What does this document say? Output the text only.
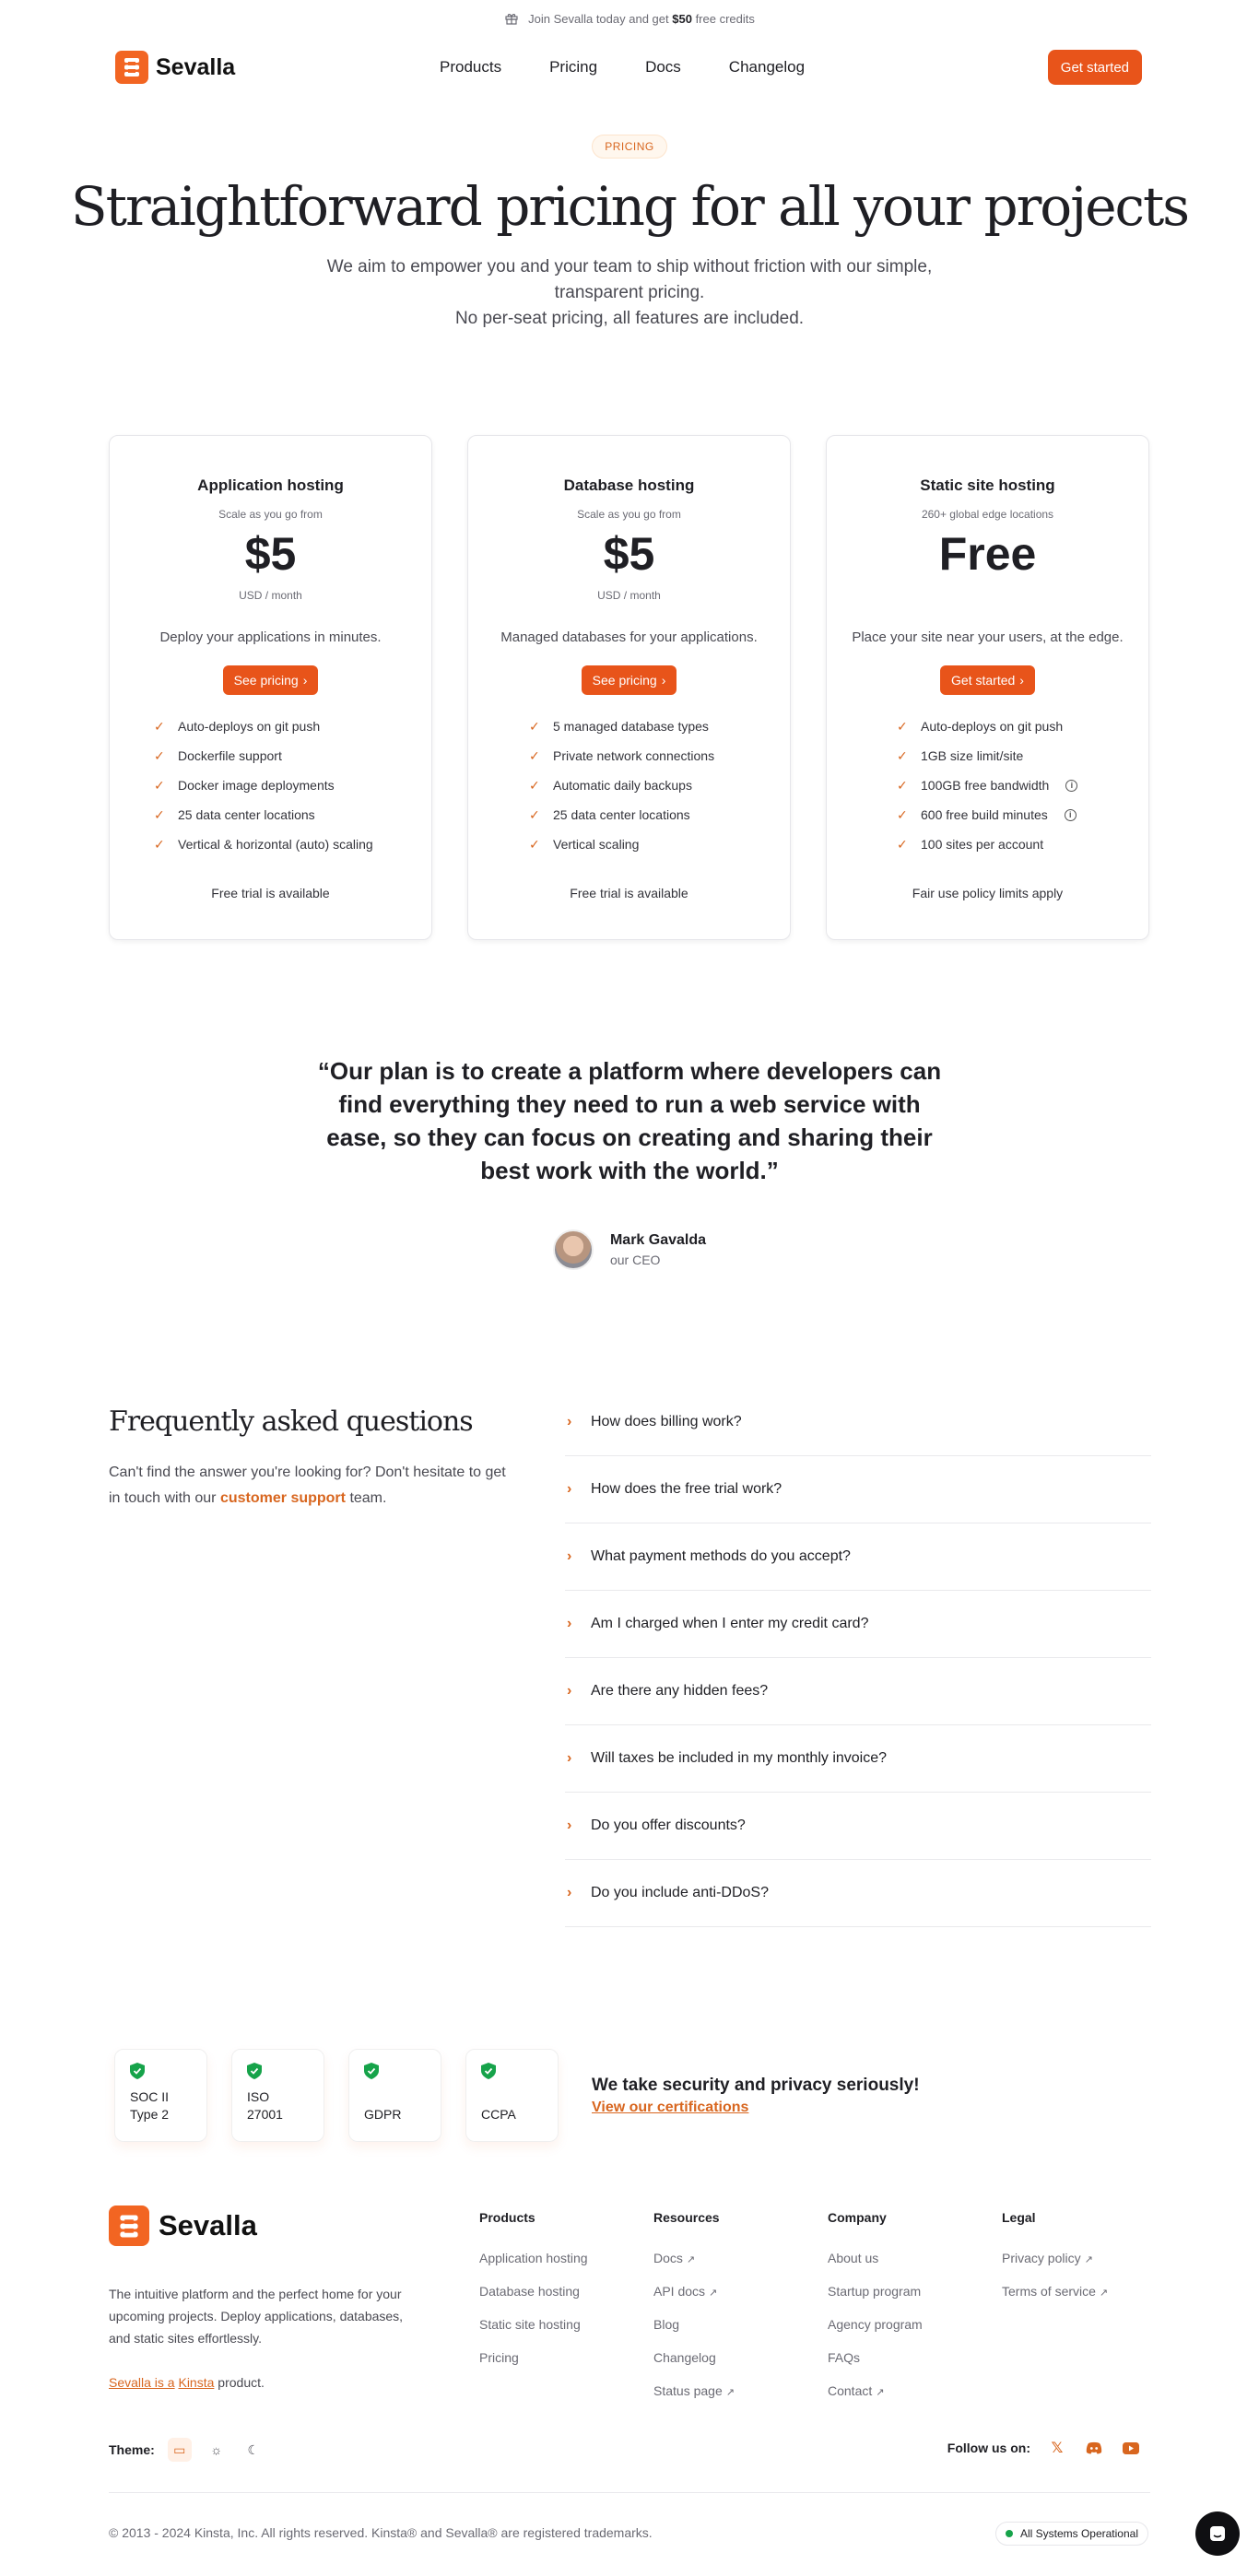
Join Sevalla today and get $50 free credits
Sevalla	Products	Pricing	Docs	Changelog	Get started
PRICING
Straightforward pricing for all your projects

We aim to empower you and your team to ship without friction with our simple,
transparent pricing.
No per-seat pricing, all features are included.

Application hosting
Scale as you go from
$5
USD / month
Deploy your applications in minutes.
See pricing ›
✓ Auto-deploys on git push
✓ Dockerfile support
✓ Docker image deployments
✓ 25 data center locations
✓ Vertical & horizontal (auto) scaling
Free trial is available
Database hosting
Scale as you go from
$5
USD / month
Managed databases for your applications.
See pricing ›
✓ 5 managed database types
✓ Private network connections
✓ Automatic daily backups
✓ 25 data center locations
✓ Vertical scaling
Free trial is available
Static site hosting
260+ global edge locations
Free
Place your site near your users, at the edge.
Get started ›
✓ Auto-deploys on git push
✓ 1GB size limit/site
✓ 100GB free bandwidth	i
✓ 600 free build minutes	i
✓ 100 sites per account
Fair use policy limits apply
“Our plan is to create a platform where developers can find everything they need to run a web service with ease, so they can focus on creating and sharing their best work with the world.”
Mark Gavalda
our CEO
Frequently asked questions

Can't find the answer you're looking for? Don't hesitate to get in touch with our customer support team.

›	How does billing work?
›	How does the free trial work?
›	What payment methods do you accept?
›	Am I charged when I enter my credit card?
›	Are there any hidden fees?
›	Will taxes be included in my monthly invoice?
›	Do you offer discounts?
›	Do you include anti-DDoS?
SOC II
Type 2
ISO
27001	GDPR	CCPA
We take security and privacy seriously!
View our certifications
Sevalla

The intuitive platform and the perfect home for your upcoming projects. Deploy applications, databases, and static sites effortlessly.

Sevalla is a Kinsta product.
Products
Application hosting
Database hosting
Static site hosting
Pricing
Resources
Docs ↗
API docs ↗
Blog
Changelog
Status page ↗
Company
About us
Startup program
Agency program
FAQs
Contact ↗
Legal
Privacy policy ↗
Terms of service ↗
Theme:	▭	☼	☾	Follow us on: 𝕏
© 2013 - 2024 Kinsta, Inc. All rights reserved. Kinsta® and Sevalla® are registered trademarks.	All Systems Operational
